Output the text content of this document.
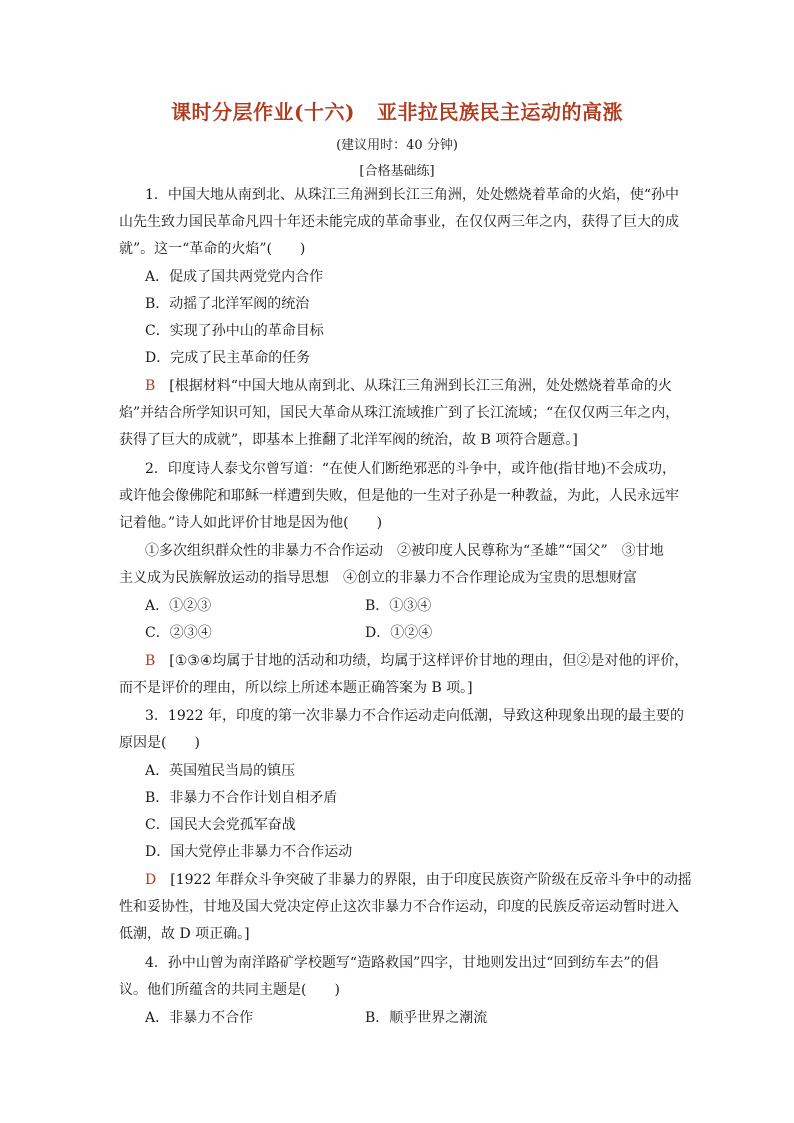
课时分层作业(十六) 亚非拉民族民主运动的高涨
(建议用时：40 分钟)
[合格基础练]
1．中国大地从南到北、从珠江三角洲到长江三角洲，处处燃烧着革命的火焰，使“孙中
山先生致力国民革命凡四十年还未能完成的革命事业，在仅仅两三年之内，获得了巨大的成
就”。这一“革命的火焰”(　　)
A．促成了国共两党党内合作
B．动摇了北洋军阀的统治
C．实现了孙中山的革命目标
D．完成了民主革命的任务
B [根据材料“中国大地从南到北、从珠江三角洲到长江三角洲，处处燃烧着革命的火
焰”并结合所学知识可知，国民大革命从珠江流域推广到了长江流域；“在仅仅两三年之内，
获得了巨大的成就”，即基本上推翻了北洋军阀的统治，故 B 项符合题意。]
2．印度诗人泰戈尔曾写道：“在使人们断绝邪恶的斗争中，或许他(指甘地)不会成功，
或许他会像佛陀和耶稣一样遭到失败，但是他的一生对子孙是一种教益，为此，人民永远牢
记着他。”诗人如此评价甘地是因为他(　　)
①多次组织群众性的非暴力不合作运动　②被印度人民尊称为“圣雄”“国父”　③甘地
主义成为民族解放运动的指导思想　④创立的非暴力不合作理论成为宝贵的思想财富
A．①②③	B．①③④
C．②③④	D．①②④
B [①③④均属于甘地的活动和功绩，均属于这样评价甘地的理由，但②是对他的评价，
而不是评价的理由，所以综上所述本题正确答案为 B 项。]
3．1922 年，印度的第一次非暴力不合作运动走向低潮，导致这种现象出现的最主要的
原因是(　　)
A．英国殖民当局的镇压
B．非暴力不合作计划自相矛盾
C．国民大会党孤军奋战
D．国大党停止非暴力不合作运动
D [1922 年群众斗争突破了非暴力的界限，由于印度民族资产阶级在反帝斗争中的动摇
性和妥协性，甘地及国大党决定停止这次非暴力不合作运动，印度的民族反帝运动暂时进入
低潮，故 D 项正确。]
4．孙中山曾为南洋路矿学校题写“造路救国”四字，甘地则发出过“回到纺车去”的倡
议。他们所蕴含的共同主题是(　　)
A．非暴力不合作	B．顺乎世界之潮流
